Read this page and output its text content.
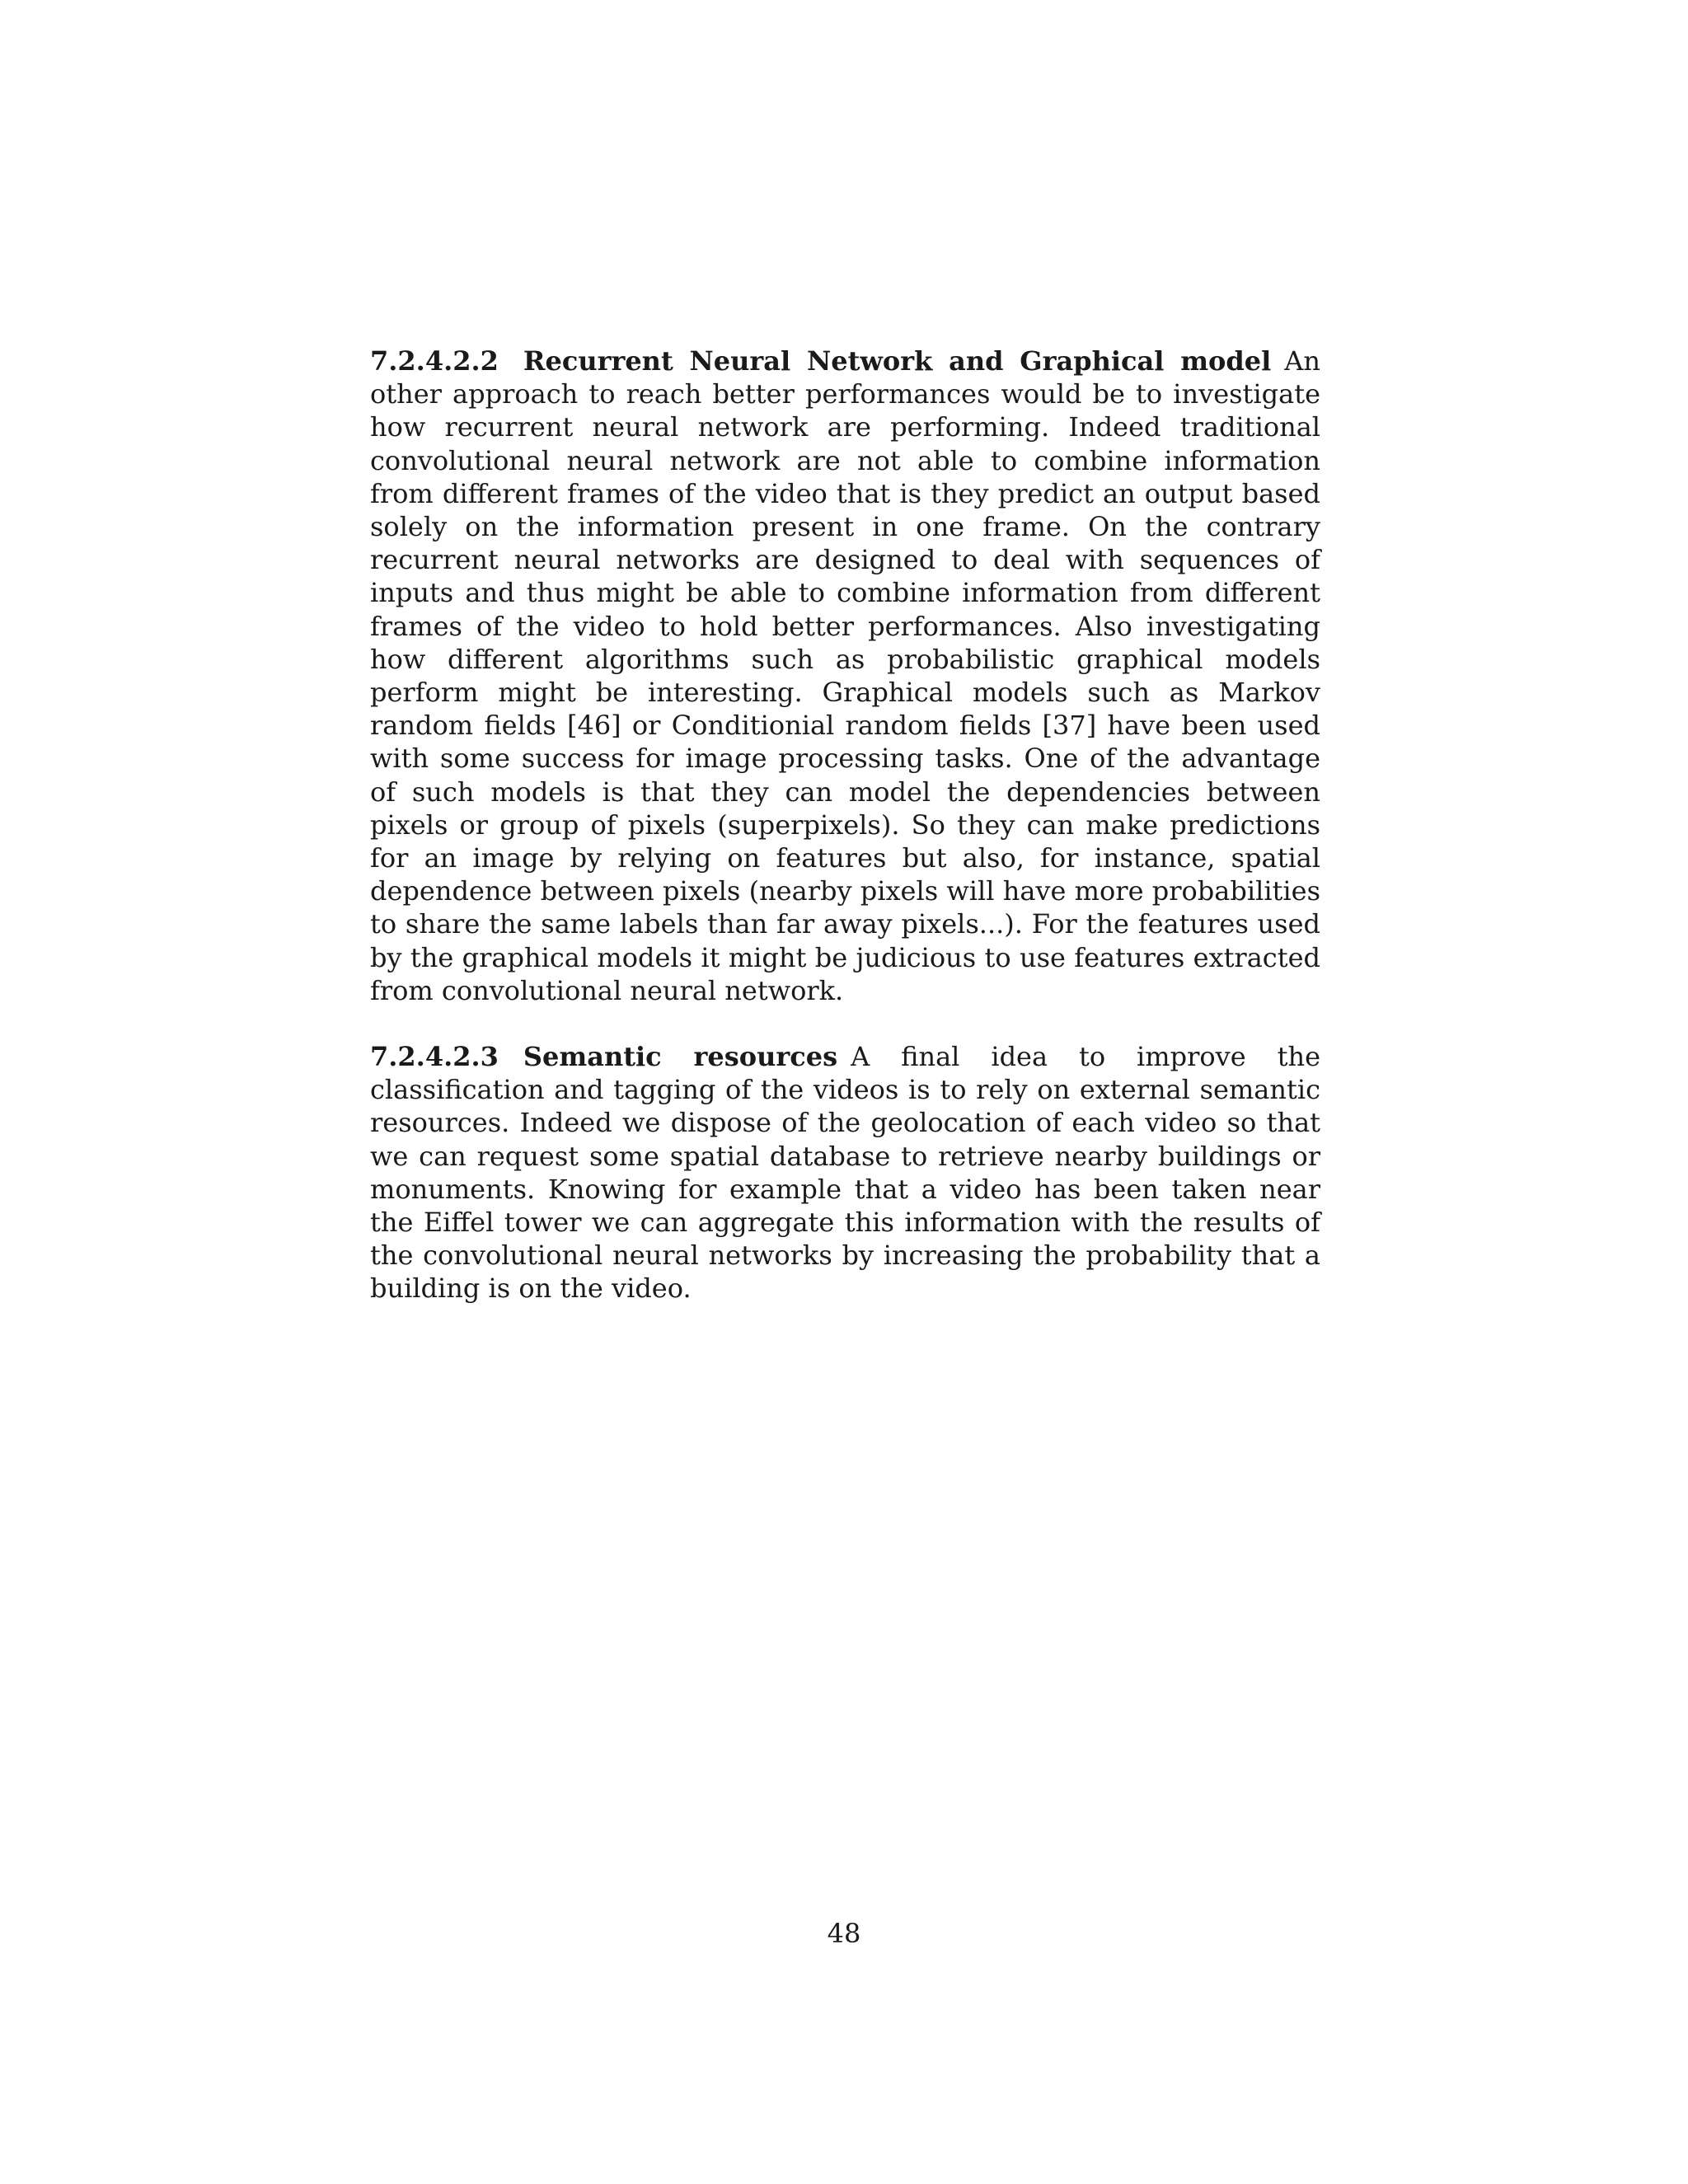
7.2.4.2.2 Recurrent Neural Network and Graphical model An other approach to reach better performances would be to investigate how recurrent neural network are performing. Indeed traditional convolutional neural network are not able to combine information from different frames of the video that is they predict an output based solely on the information present in one frame. On the contrary recurrent neural networks are designed to deal with sequences of inputs and thus might be able to combine information from different frames of the video to hold better performances. Also investigating how different algorithms such as probabilistic graphical models perform might be interesting. Graphical models such as Markov random fields [46] or Conditionial random fields [37] have been used with some success for image processing tasks. One of the advantage of such models is that they can model the dependencies between pixels or group of pixels (superpixels). So they can make predictions for an image by relying on features but also, for instance, spatial dependence between pixels (nearby pixels will have more probabilities to share the same labels than far away pixels...). For the features used by the graphical models it might be judicious to use features extracted from convolutional neural network.

7.2.4.2.3 Semantic resources A final idea to improve the classification and tagging of the videos is to rely on external semantic resources. Indeed we dispose of the geolocation of each video so that we can request some spatial database to retrieve nearby buildings or monuments. Knowing for example that a video has been taken near the Eiffel tower we can aggregate this information with the results of the convolutional neural networks by increasing the probability that a building is on the video.

48
